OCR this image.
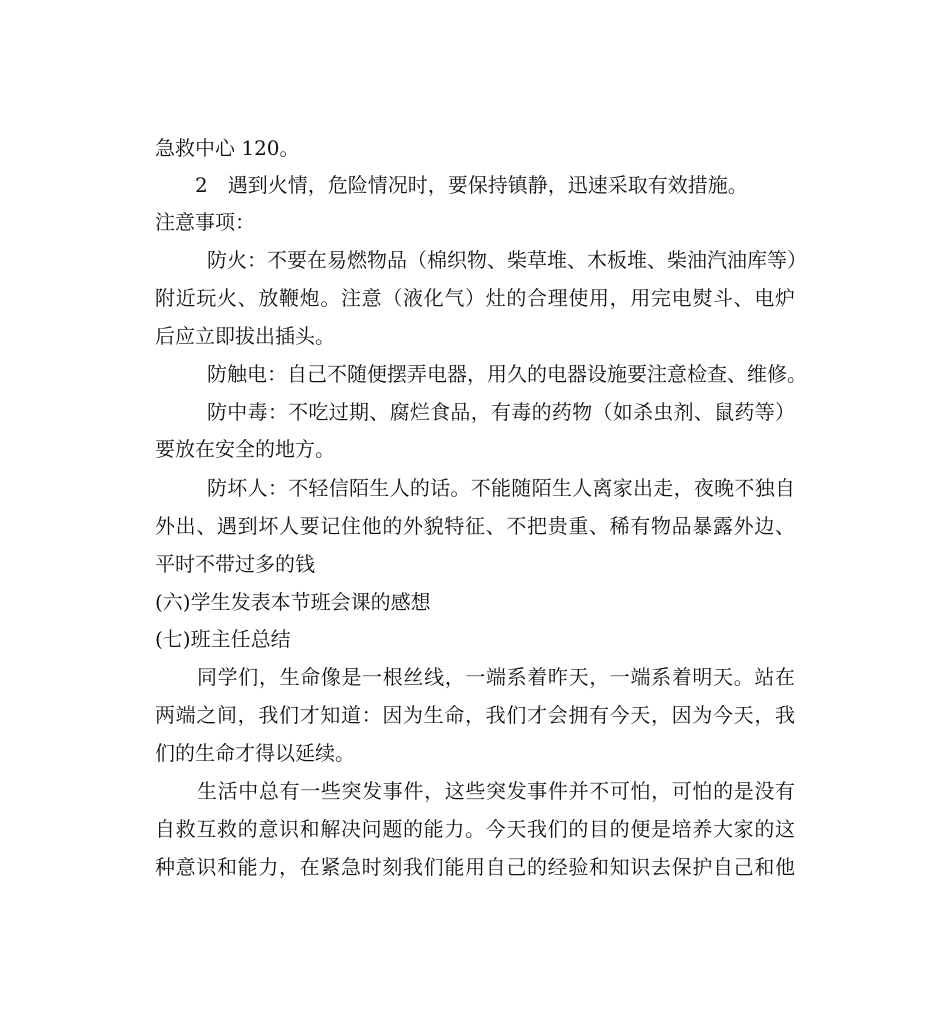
急救中心 120。
2　遇到火情，危险情况时，要保持镇静，迅速采取有效措施。
注意事项：
防火：不要在易燃物品（棉织物、柴草堆、木板堆、柴油汽油库等）
附近玩火、放鞭炮。注意（液化气）灶的合理使用，用完电熨斗、电炉
后应立即拔出插头。
防触电：自己不随便摆弄电器，用久的电器设施要注意检查、维修。
防中毒：不吃过期、腐烂食品，有毒的药物（如杀虫剂、鼠药等）
要放在安全的地方。
防坏人：不轻信陌生人的话。不能随陌生人离家出走，夜晚不独自
外出、遇到坏人要记住他的外貌特征、不把贵重、稀有物品暴露外边、
平时不带过多的钱
(六)学生发表本节班会课的感想
(七)班主任总结
同学们，生命像是一根丝线，一端系着昨天，一端系着明天。站在
两端之间，我们才知道：因为生命，我们才会拥有今天，因为今天，我
们的生命才得以延续。
生活中总有一些突发事件，这些突发事件并不可怕，可怕的是没有
自救互救的意识和解决问题的能力。今天我们的目的便是培养大家的这
种意识和能力，在紧急时刻我们能用自己的经验和知识去保护自己和他
